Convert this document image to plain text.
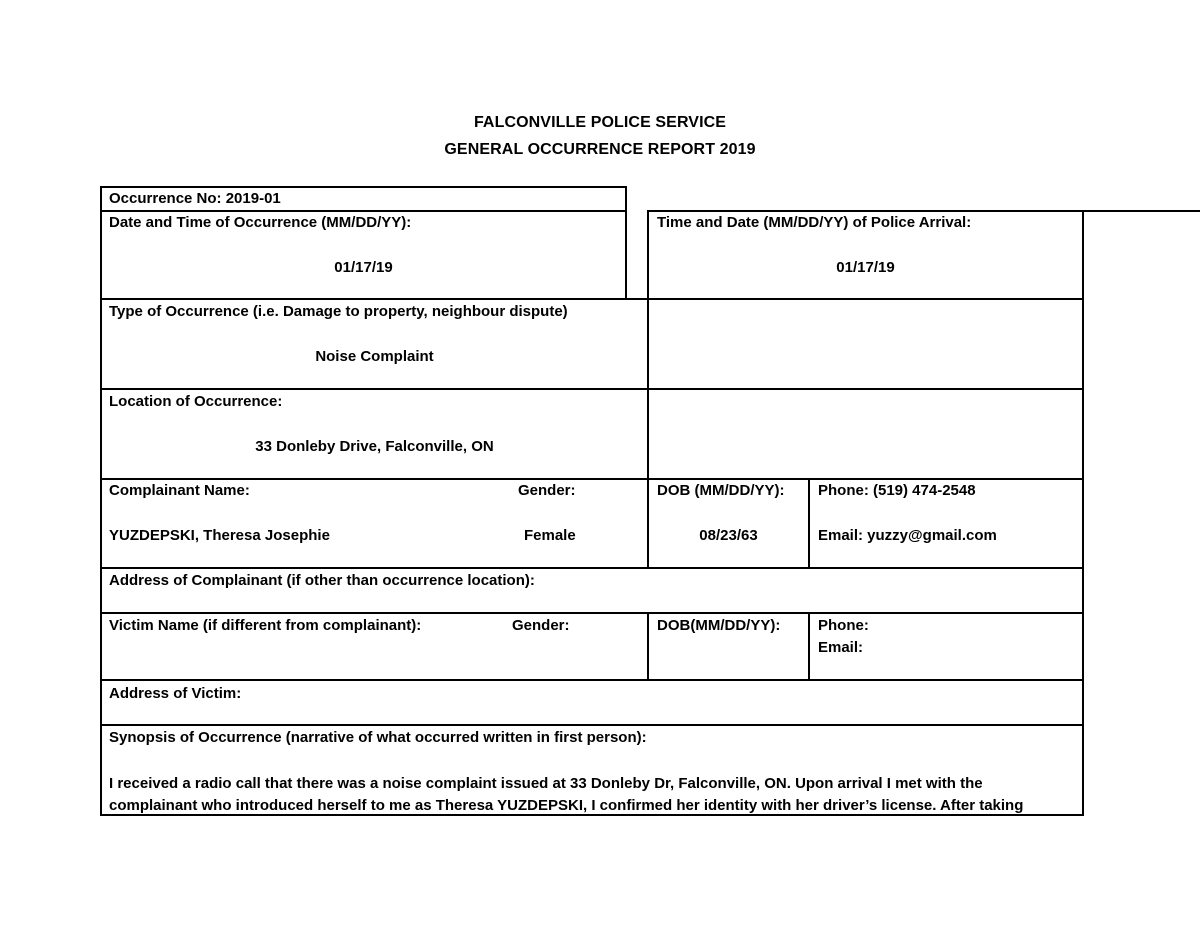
FALCONVILLE POLICE SERVICE
GENERAL OCCURRENCE REPORT 2019
Occurrence No: 2019-01
Date and Time of Occurrence (MM/DD/YY):
01/17/19
Time and Date (MM/DD/YY) of Police Arrival:
01/17/19
Type of Occurrence (i.e. Damage to property, neighbour dispute)
Noise Complaint
Location of Occurrence:
33 Donleby Drive, Falconville, ON
Complainant Name:
YUZDEPSKI, Theresa Josephie
Gender:
Female
DOB (MM/DD/YY):
08/23/63
Phone: (519) 474-2548
Email: yuzzy@gmail.com
Address of Complainant (if other than occurrence location):
Victim Name (if different from complainant):	Gender:	DOB(MM/DD/YY):	Phone:
Email:
Address of Victim:
Synopsis of Occurrence (narrative of what occurred written in first person):
I received a radio call that there was a noise complaint issued at 33 Donleby Dr, Falconville, ON. Upon arrival I met with the
complainant who introduced herself to me as Theresa YUZDEPSKI, I confirmed her identity with her driver’s license. After taking
